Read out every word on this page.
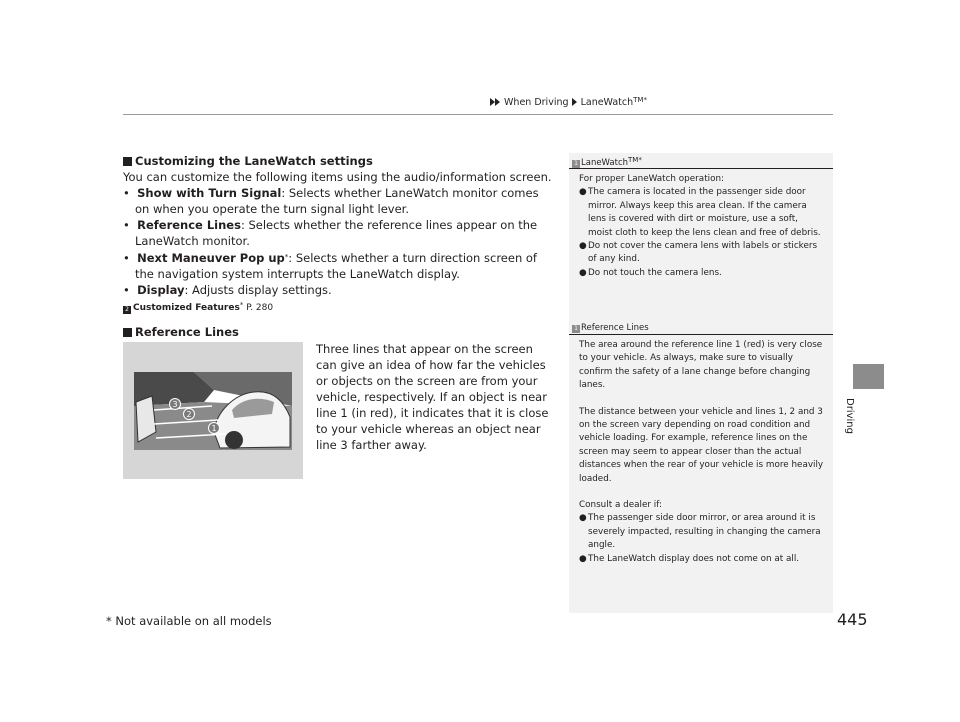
When Driving LaneWatch$^{TM*}$
Driving
Customizing the LaneWatch settings

You can customize the following items using the audio/information screen.

•  Show with Turn Signal: Selects whether LaneWatch monitor comes on when you operate the turn signal light lever.

•  Reference Lines: Selects whether the reference lines appear on the LaneWatch monitor.

•  Next Maneuver Pop up*: Selects whether a turn direction screen of the navigation system interrupts the LaneWatch display.

•  Display: Adjusts display settings.

2 Customized Features* P. 280

Reference Lines
3
2
1
Three lines that appear on the screen can give an idea of how far the vehicles or objects on the screen are from your vehicle, respectively. If an object is near line 1 (in red), it indicates that it is close to your vehicle whereas an object near line 3 farther away.
1 LaneWatch$^{TM*}$

For proper LaneWatch operation:

●The camera is located in the passenger side door mirror. Always keep this area clean. If the camera lens is covered with dirt or moisture, use a soft, moist cloth to keep the lens clean and free of debris.

●Do not cover the camera lens with labels or stickers of any kind.

●Do not touch the camera lens.

1 Reference Lines

The area around the reference line 1 (red) is very close to your vehicle. As always, make sure to visually confirm the safety of a lane change before changing lanes.

The distance between your vehicle and lines 1, 2 and 3 on the screen vary depending on road condition and vehicle loading. For example, reference lines on the screen may seem to appear closer than the actual distances when the rear of your vehicle is more heavily loaded.

Consult a dealer if:

●The passenger side door mirror, or area around it is severely impacted, resulting in changing the camera angle.

●The LaneWatch display does not come on at all.

* Not available on all models	445
